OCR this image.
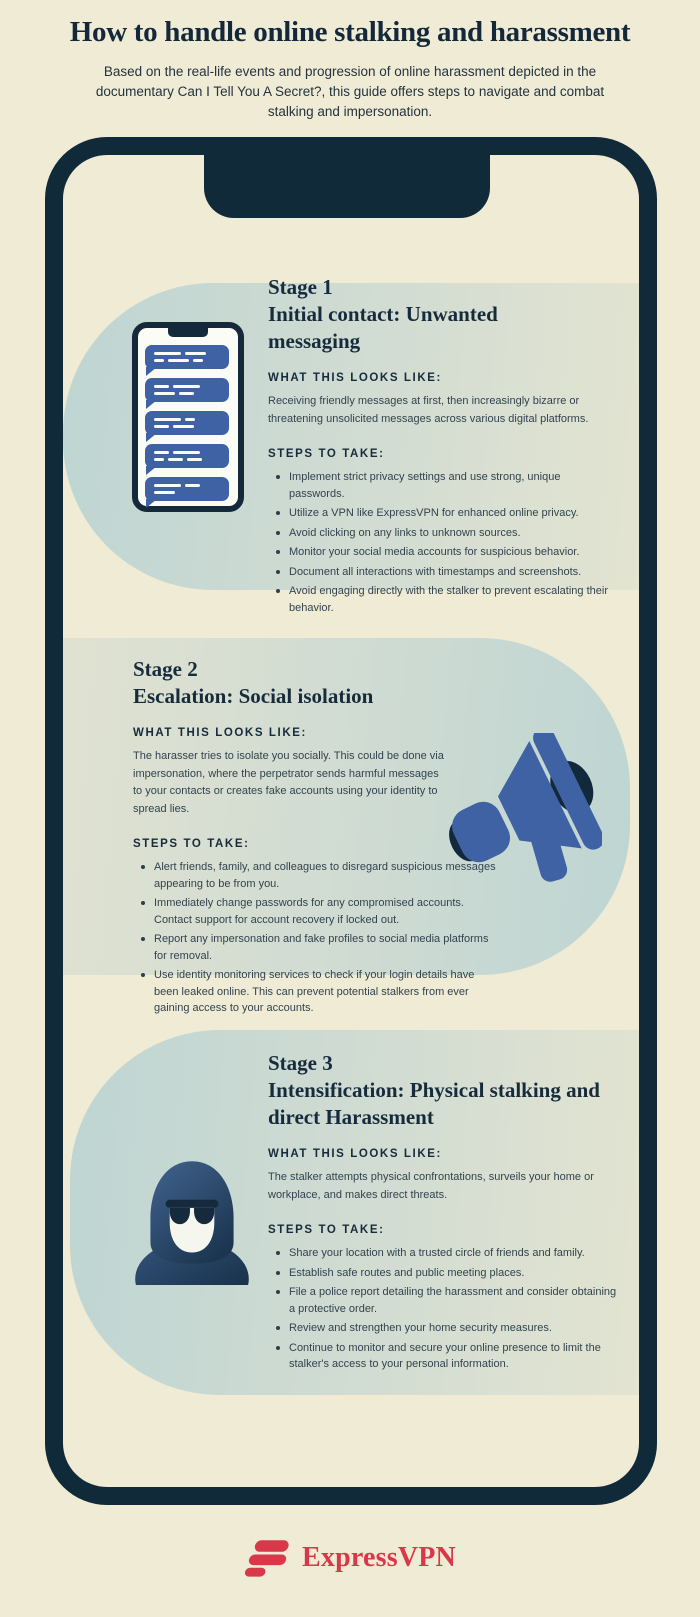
How to handle online stalking and harassment
Based on the real-life events and progression of online harassment depicted in the documentary Can I Tell You A Secret?, this guide offers steps to navigate and combat stalking and impersonation.
Stage 1
Initial contact: Unwanted messaging
WHAT THIS LOOKS LIKE:

Receiving friendly messages at first, then increasingly bizarre or threatening unsolicited messages across various digital platforms.

STEPS TO TAKE:
Implement strict privacy settings and use strong, unique passwords.
Utilize a VPN like ExpressVPN for enhanced online privacy.
Avoid clicking on any links to unknown sources.
Monitor your social media accounts for suspicious behavior.
Document all interactions with timestamps and screenshots.
Avoid engaging directly with the stalker to prevent escalating their behavior.
Stage 2
Escalation: Social isolation
WHAT THIS LOOKS LIKE:

The harasser tries to isolate you socially. This could be done via impersonation, where the perpetrator sends harmful messages to your contacts or creates fake accounts using your identity to spread lies.

STEPS TO TAKE:
Alert friends, family, and colleagues to disregard suspicious messages appearing to be from you.
Immediately change passwords for any compromised accounts. Contact support for account recovery if locked out.
Report any impersonation and fake profiles to social media platforms for removal.
Use identity monitoring services to check if your login details have been leaked online. This can prevent potential stalkers from ever gaining access to your accounts.
Stage 3
Intensification: Physical stalking and direct Harassment
WHAT THIS LOOKS LIKE:

The stalker attempts physical confrontations, surveils your home or workplace, and makes direct threats.

STEPS TO TAKE:
Share your location with a trusted circle of friends and family.
Establish safe routes and public meeting places.
File a police report detailing the harassment and consider obtaining a protective order.
Review and strengthen your home security measures.
Continue to monitor and secure your online presence to limit the stalker's access to your personal information.
ExpressVPN
